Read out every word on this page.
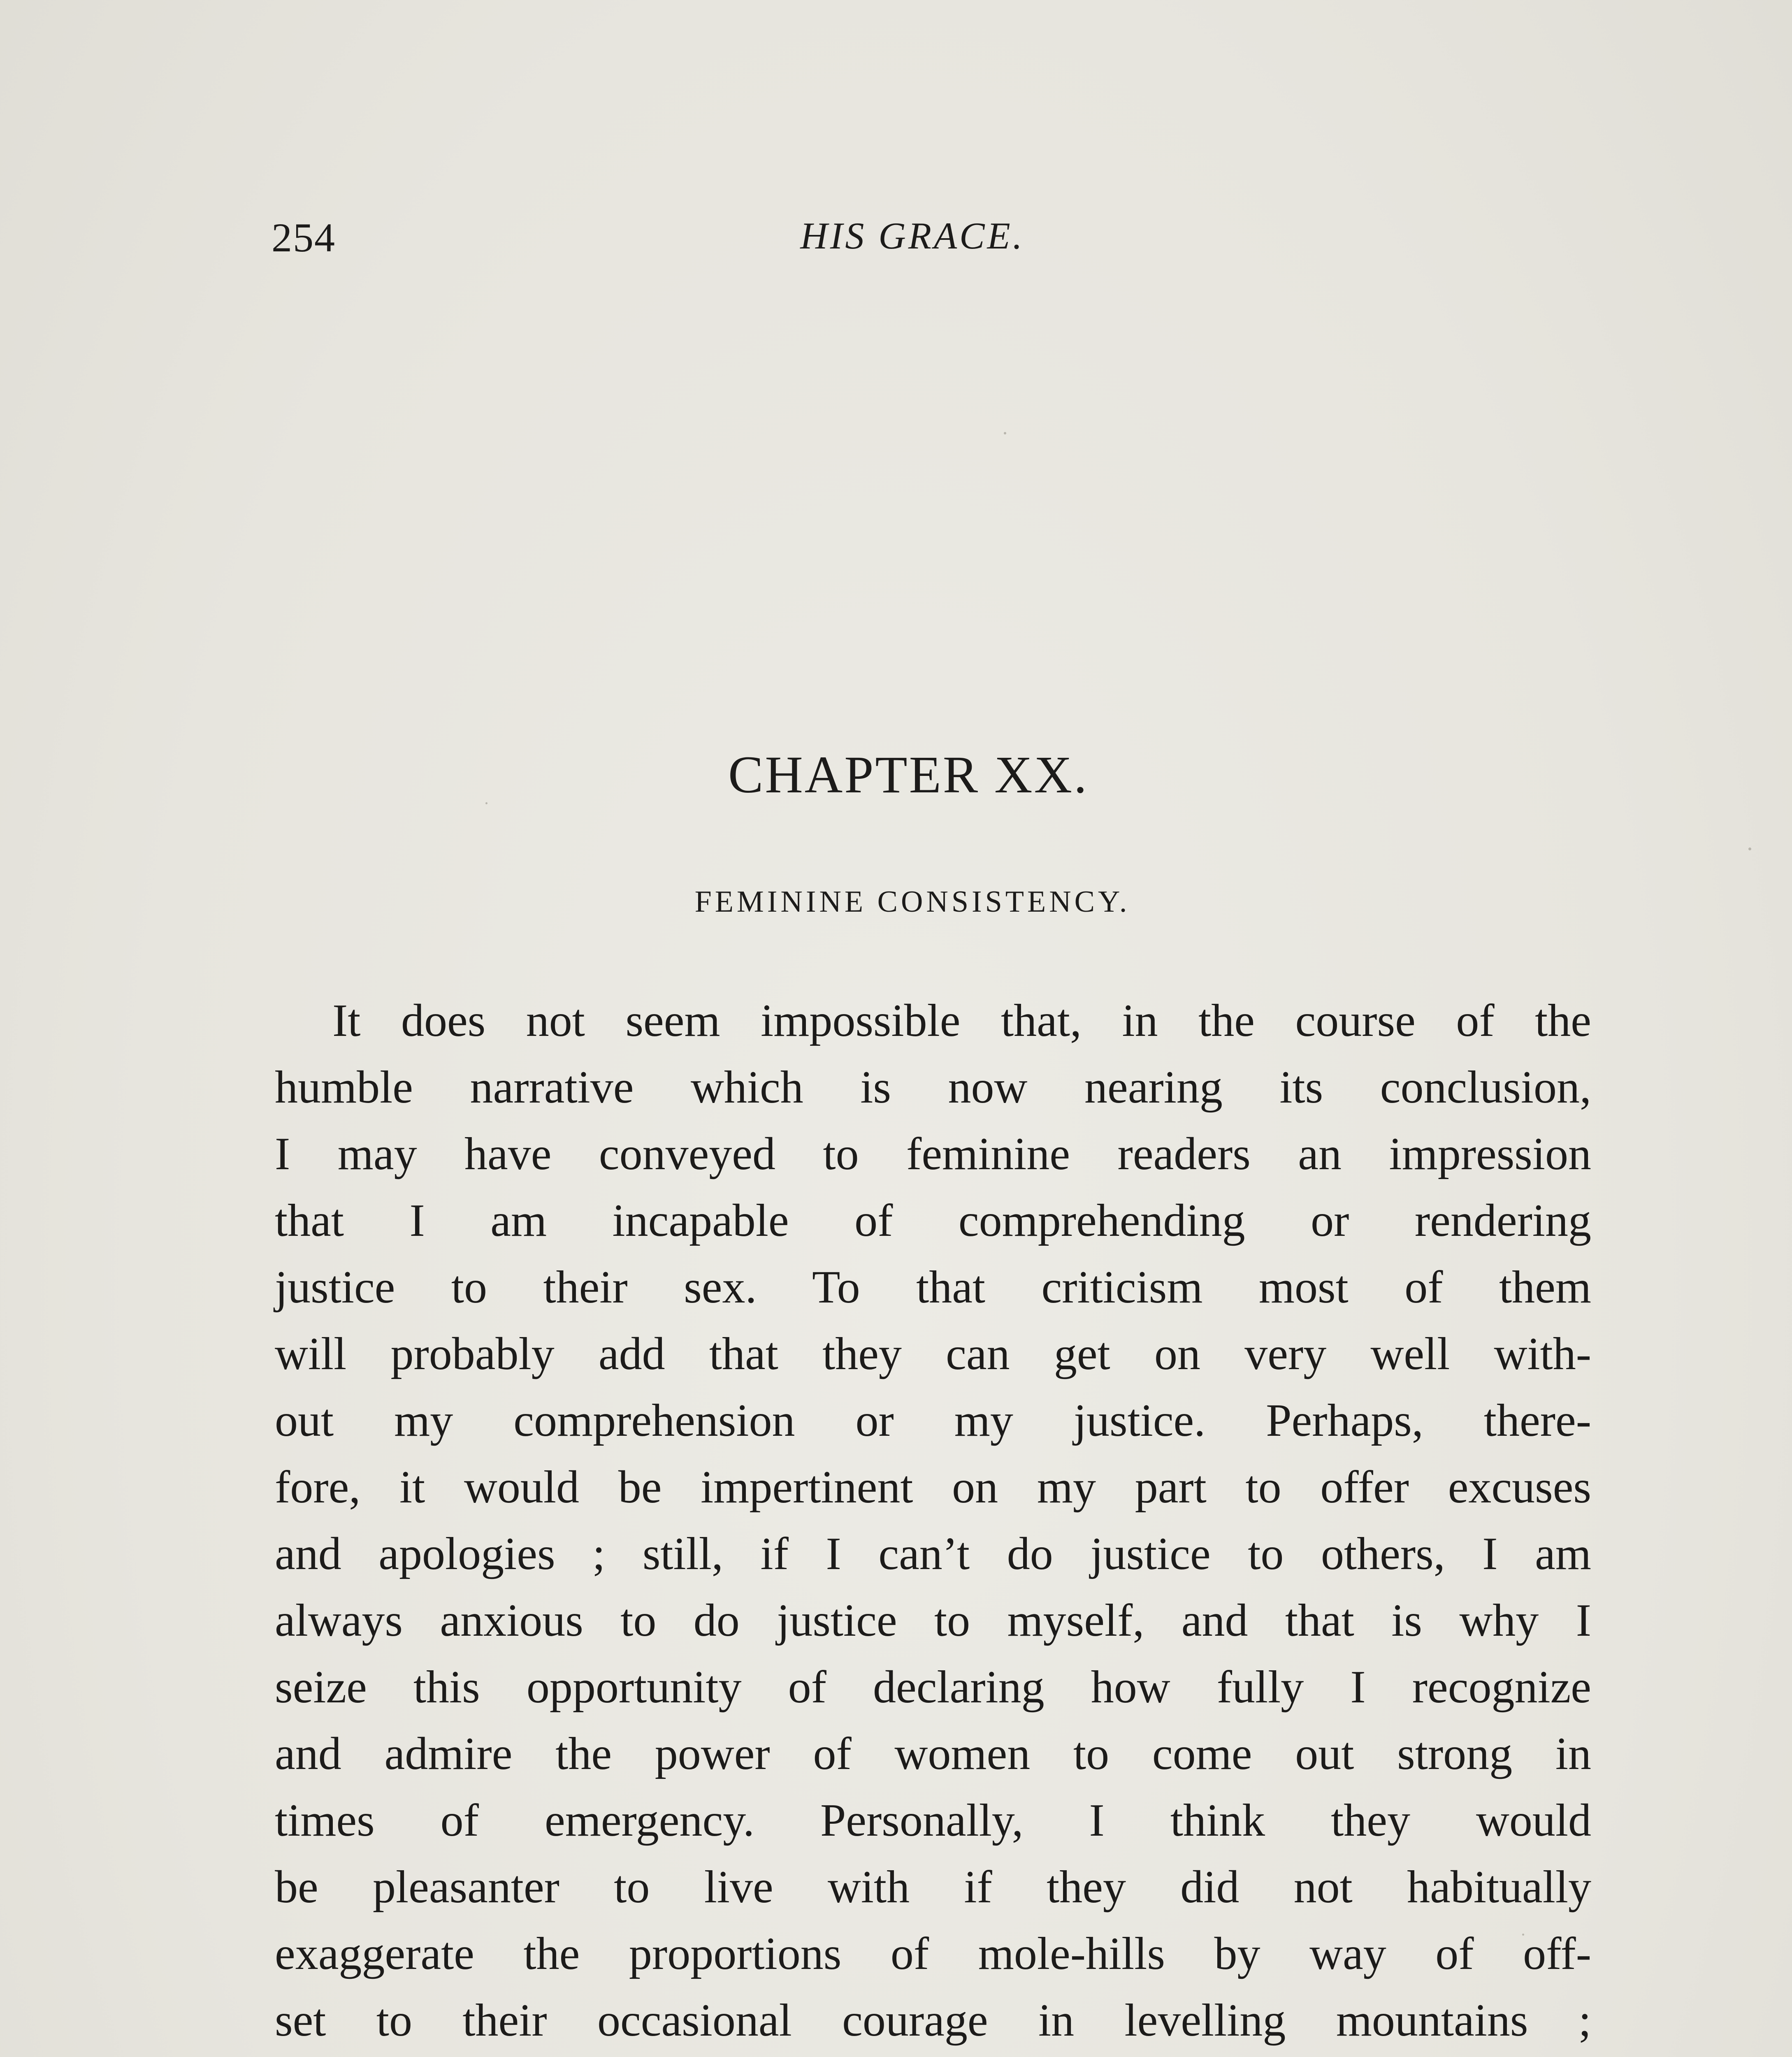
254	HIS GRACE.
CHAPTER XX.
FEMININE CONSISTENCY.
It does not seem impossible that, in the course of the
humble narrative which is now nearing its conclusion,
I may have conveyed to feminine readers an impression
that I am incapable of comprehending or rendering
justice to their sex. To that criticism most of them
will probably add that they can get on very well with-
out my comprehension or my justice. Perhaps, there-
fore, it would be impertinent on my part to offer excuses
and apologies ; still, if I can’t do justice to others, I am
always anxious to do justice to myself, and that is why I
seize this opportunity of declaring how fully I recognize
and admire the power of women to come out strong in
times of emergency. Personally, I think they would
be pleasanter to live with if they did not habitually
exaggerate the proportions of mole-hills by way of off-
set to their occasional courage in levelling mountains ;
